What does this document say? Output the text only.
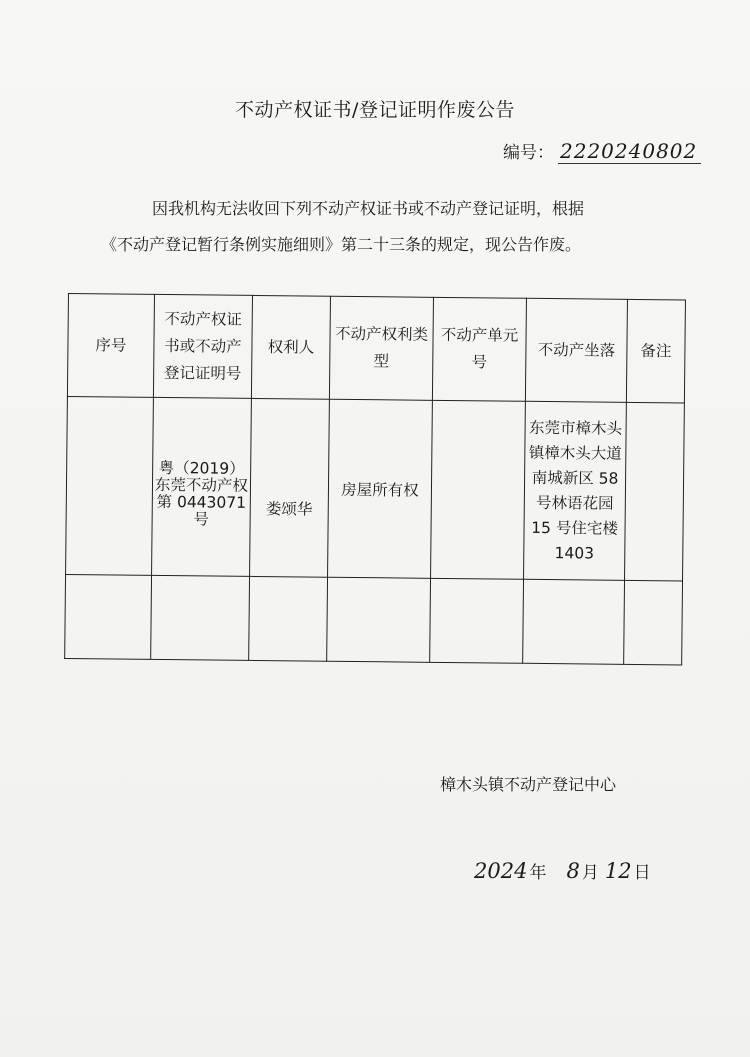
不动产权证书/登记证明作废公告
编号： 2220240802
因我机构无法收回下列不动产权证书或不动产登记证明，根据
《不动产登记暂行条例实施细则》第二十三条的规定，现公告作废。
序号	不动产权证书或不动产登记证明号	权利人	不动产权利类型	不动产单元号	不动产坐落	备注
	粤（2019）东莞不动产权第 0443071号	娄颂华	房屋所有权		东莞市樟木头镇樟木头大道南城新区 58 号林语花园 15 号住宅楼 1403	

樟木头镇不动产登记中心
2024 年 8 月 12 日
